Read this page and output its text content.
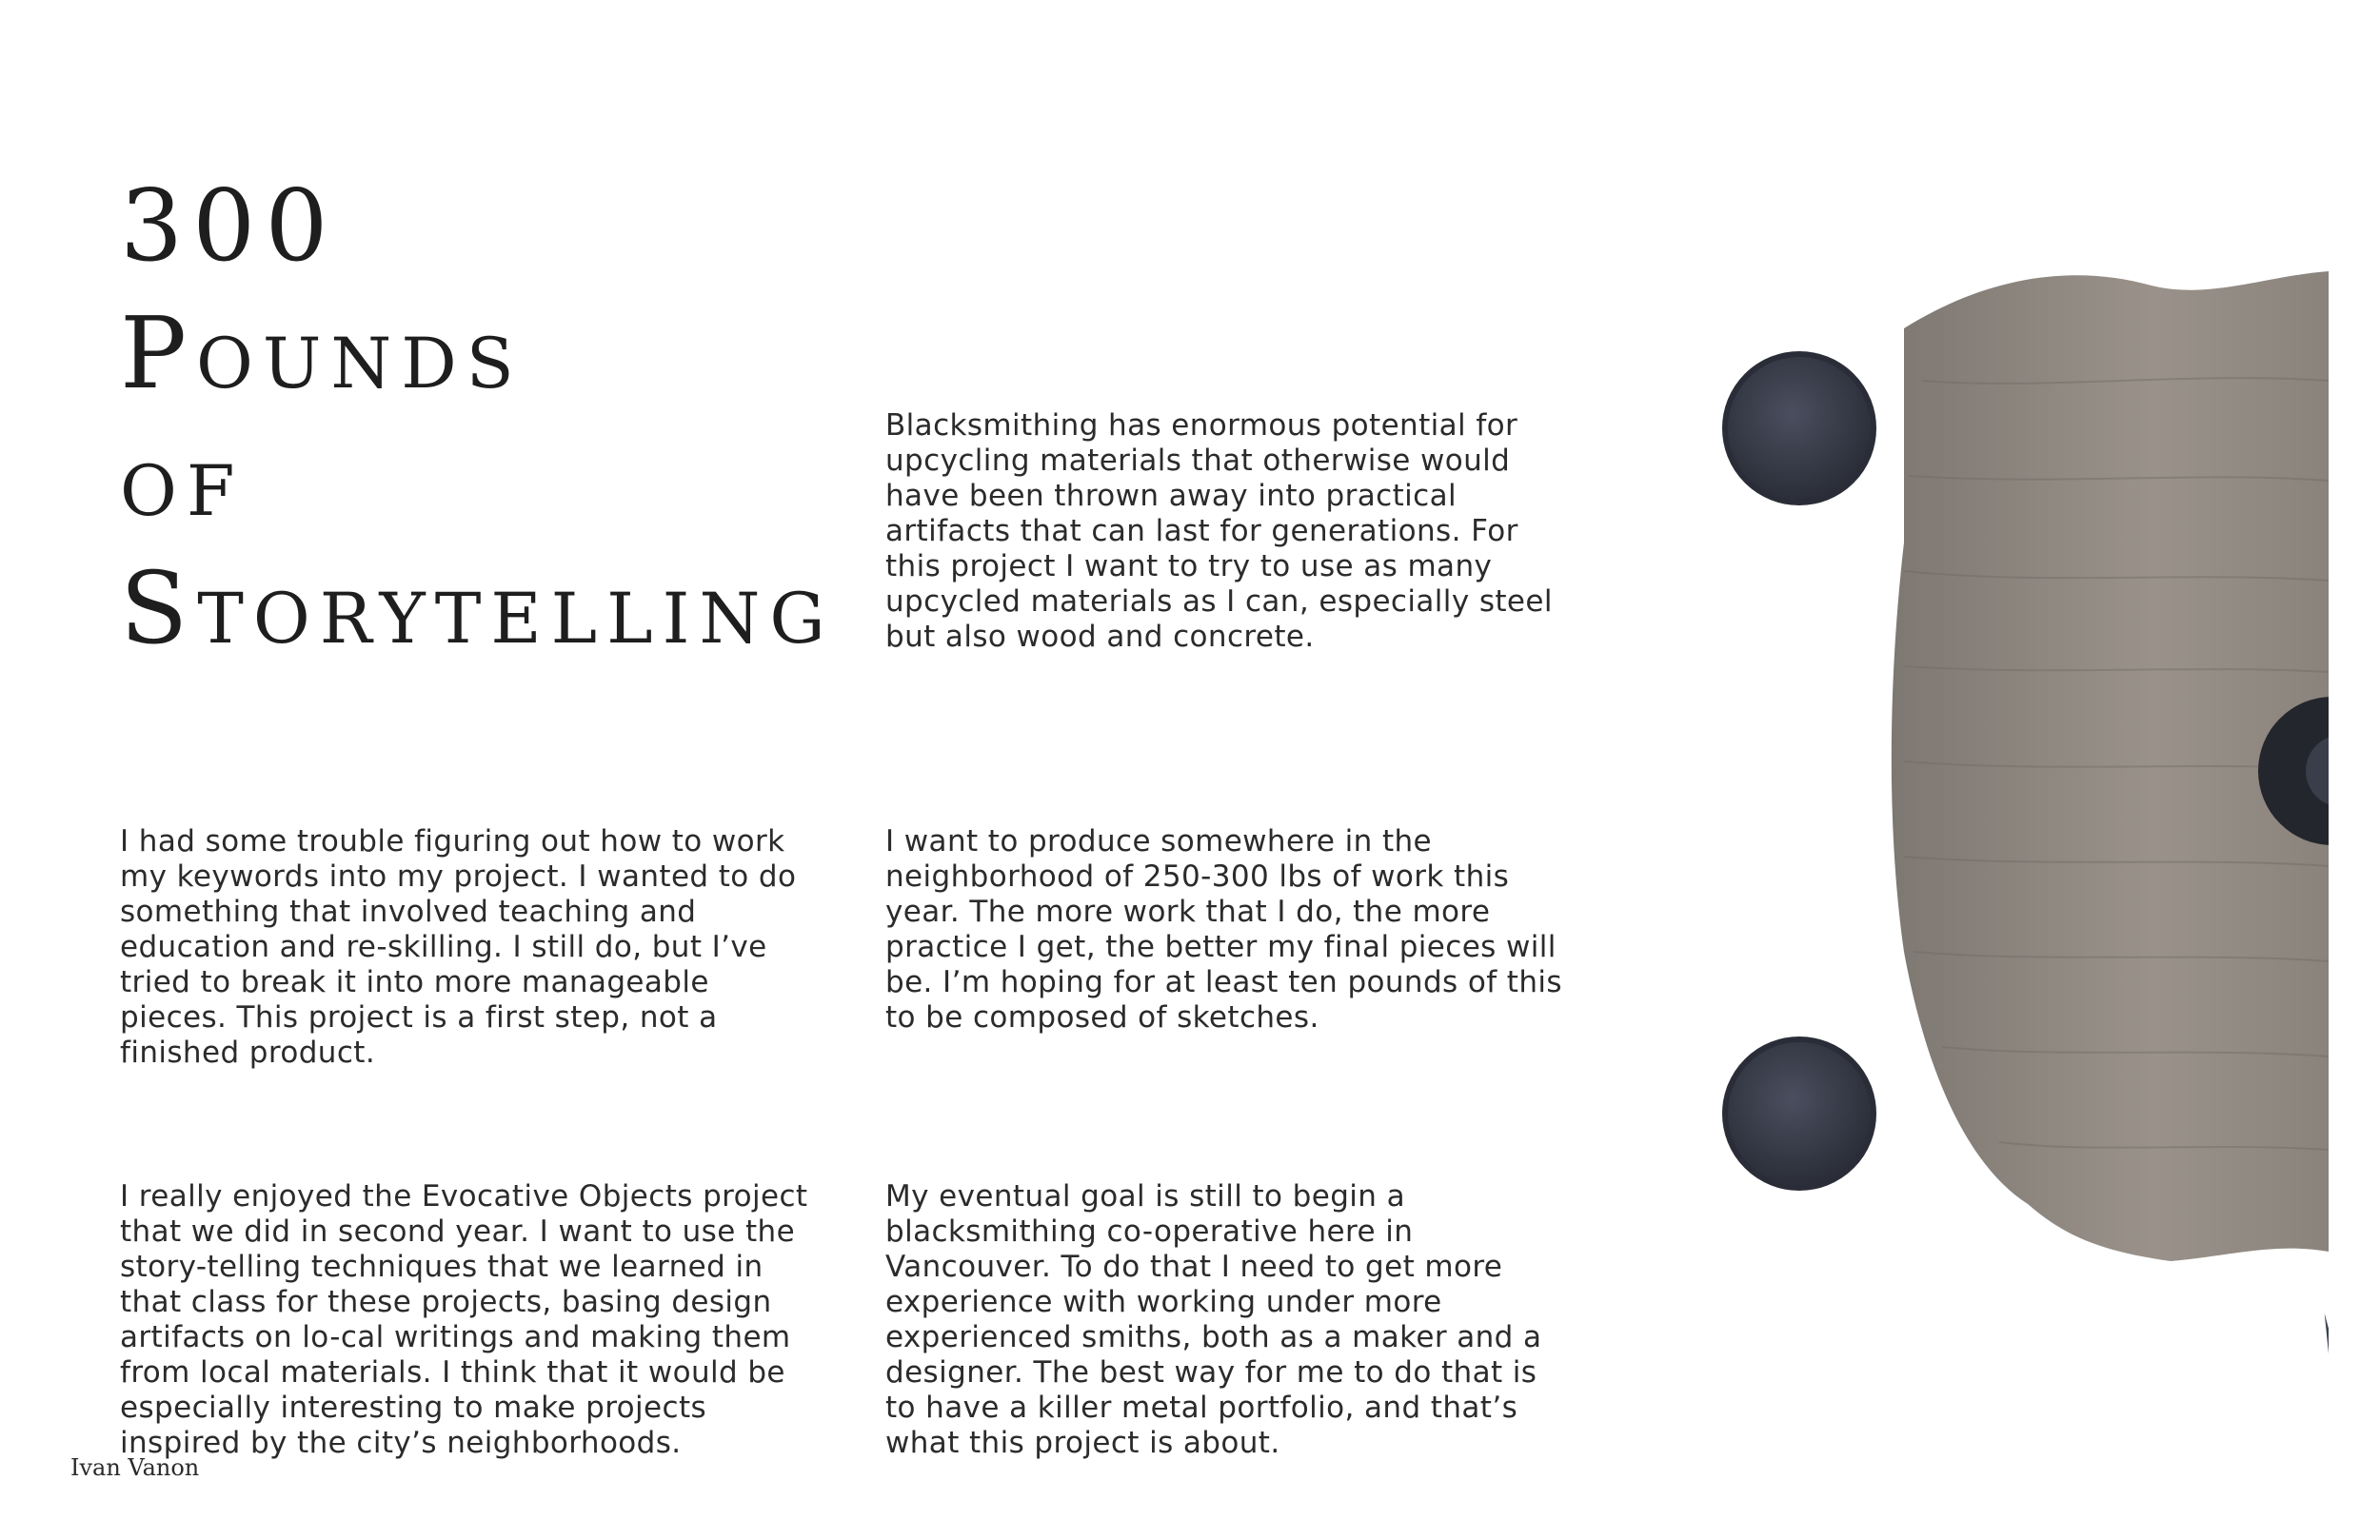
300
Pounds
of
Storytelling

Blacksmithing has enormous potential for upcycling materials that otherwise would have been thrown away into practical artifacts that can last for generations. For this project I want to try to use as many upcycled materials as I can, especially steel but also wood and concrete.

I had some trouble figuring out how to work my keywords into my project. I wanted to do something that involved teaching and education and re-skilling. I still do, but I’ve tried to break it into more manageable pieces. This project is a first step, not a finished product.

I want to produce somewhere in the neighborhood of 250-300 lbs of work this year. The more work that I do, the more practice I get, the better my final pieces will be. I’m hoping for at least ten pounds of this to be composed of sketches.

I really enjoyed the Evocative Objects project that we did in second year. I want to use the story-telling techniques that we learned in that class for these projects, basing design artifacts on lo-cal writings and making them from local materials. I think that it would be especially interesting to make projects inspired by the city’s neighborhoods.

My eventual goal is still to begin a blacksmithing co-operative here in Vancouver. To do that I need to get more experience with working under more experienced smiths, both as a maker and a designer. The best way for me to do that is to have a killer metal portfolio, and that’s what this project is about.

Ivan Vanon
